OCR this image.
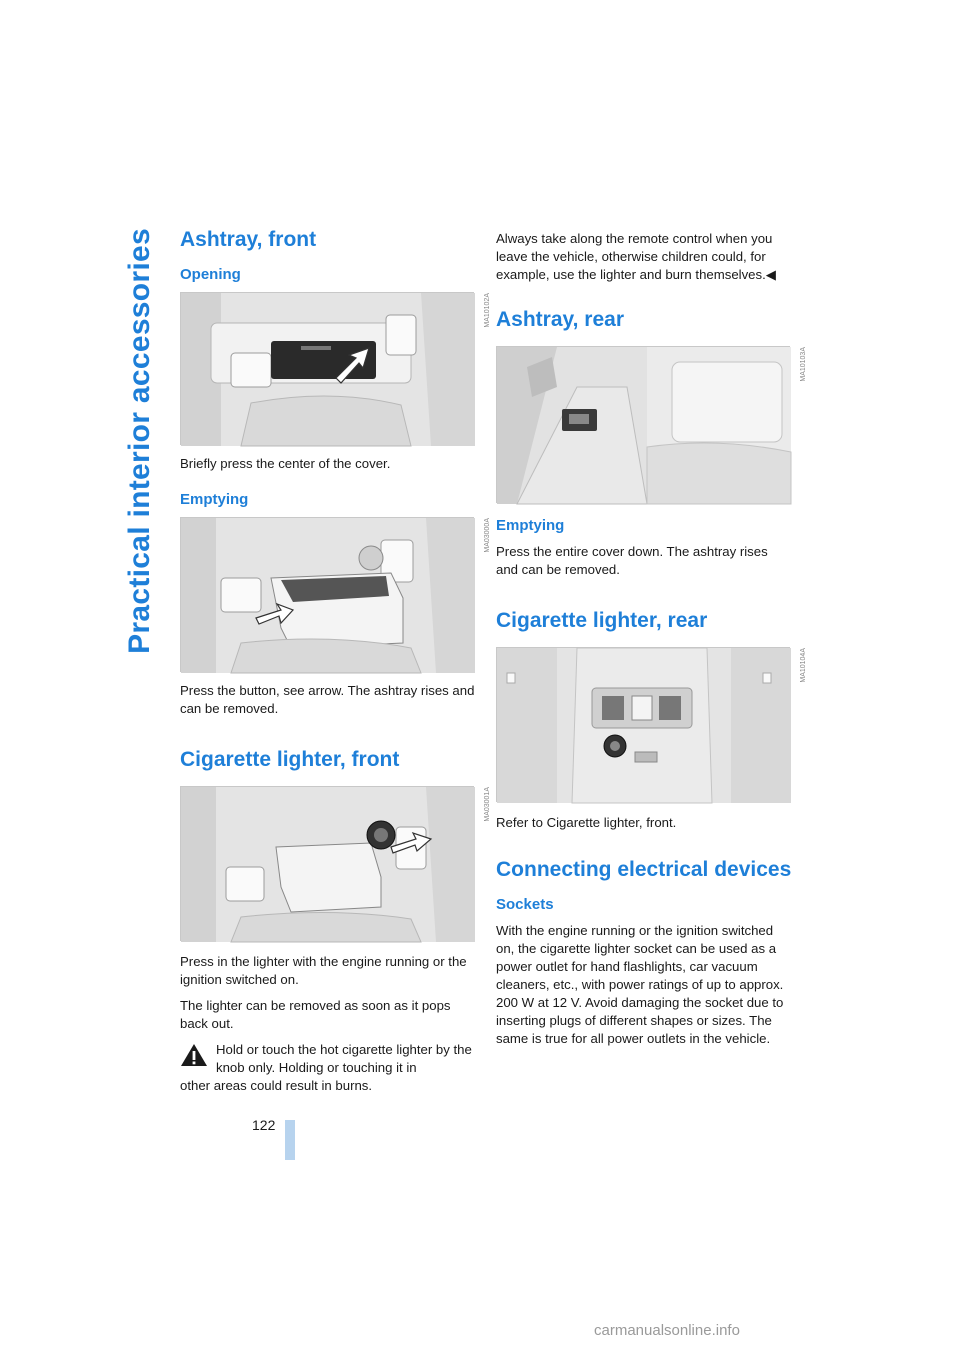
Practical interior accessories Ashtray, front
Opening
MA10102A

Briefly press the center of the cover.

Emptying
MA03000A

Press the button, see arrow. The ashtray rises and can be removed.

Cigarette lighter, front
MA03001A

Press in the lighter with the engine running or the ignition switched on.

The lighter can be removed as soon as it pops back out.

Hold or touch the hot cigarette lighter by the knob only. Holding or touching it in

other areas could result in burns.

Always take along the remote control when you leave the vehicle, otherwise children could, for example, use the lighter and burn themselves.◀

Ashtray, rear
MA10103A
Emptying

Press the entire cover down. The ashtray rises and can be removed.

Cigarette lighter, rear
MA10104A

Refer to Cigarette lighter, front.

Connecting electrical devices
Sockets

With the engine running or the ignition switched on, the cigarette lighter socket can be used as a power outlet for hand flashlights, car vacuum cleaners, etc., with power ratings of up to approx. 200 W at 12 V. Avoid damaging the socket due to inserting plugs of different shapes or sizes. The same is true for all power outlets in the vehicle.

122
carmanualsonline.info
